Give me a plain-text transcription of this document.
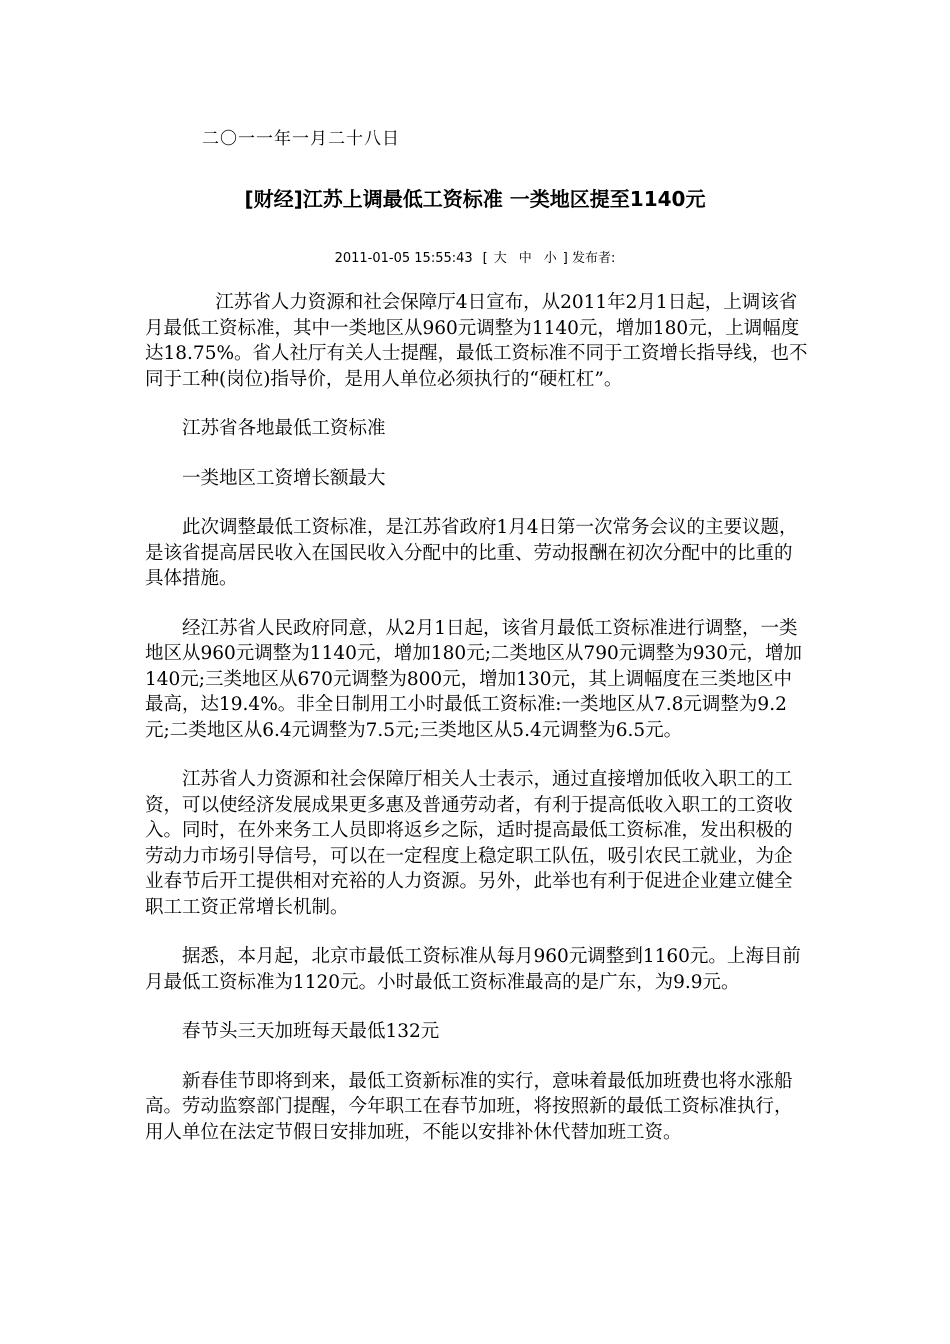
二〇一一年一月二十八日
[财经]江苏上调最低工资标准 一类地区提至1140元
2011-01-05 15:55:43 [ 大 中 小 ] 发布者:

江苏省人力资源和社会保障厅4日宣布，从2011年2月1日起，上调该省月最低工资标准，其中一类地区从960元调整为1140元，增加180元，上调幅度达18.75%。省人社厅有关人士提醒，最低工资标准不同于工资增长指导线，也不同于工种(岗位)指导价，是用人单位必须执行的“硬杠杠”。

江苏省各地最低工资标准

一类地区工资增长额最大

此次调整最低工资标准，是江苏省政府1月4日第一次常务会议的主要议题，是该省提高居民收入在国民收入分配中的比重、劳动报酬在初次分配中的比重的具体措施。

经江苏省人民政府同意，从2月1日起，该省月最低工资标准进行调整，一类地区从960元调整为1140元，增加180元;二类地区从790元调整为930元，增加140元;三类地区从670元调整为800元，增加130元，其上调幅度在三类地区中最高，达19.4%。非全日制用工小时最低工资标准:一类地区从7.8元调整为9.2元;二类地区从6.4元调整为7.5元;三类地区从5.4元调整为6.5元。

江苏省人力资源和社会保障厅相关人士表示，通过直接增加低收入职工的工资，可以使经济发展成果更多惠及普通劳动者，有利于提高低收入职工的工资收入。同时，在外来务工人员即将返乡之际，适时提高最低工资标准，发出积极的劳动力市场引导信号，可以在一定程度上稳定职工队伍，吸引农民工就业，为企业春节后开工提供相对充裕的人力资源。另外，此举也有利于促进企业建立健全职工工资正常增长机制。

据悉，本月起，北京市最低工资标准从每月960元调整到1160元。上海目前月最低工资标准为1120元。小时最低工资标准最高的是广东，为9.9元。

春节头三天加班每天最低132元

新春佳节即将到来，最低工资新标准的实行，意味着最低加班费也将水涨船高。劳动监察部门提醒，今年职工在春节加班，将按照新的最低工资标准执行，用人单位在法定节假日安排加班，不能以安排补休代替加班工资。
